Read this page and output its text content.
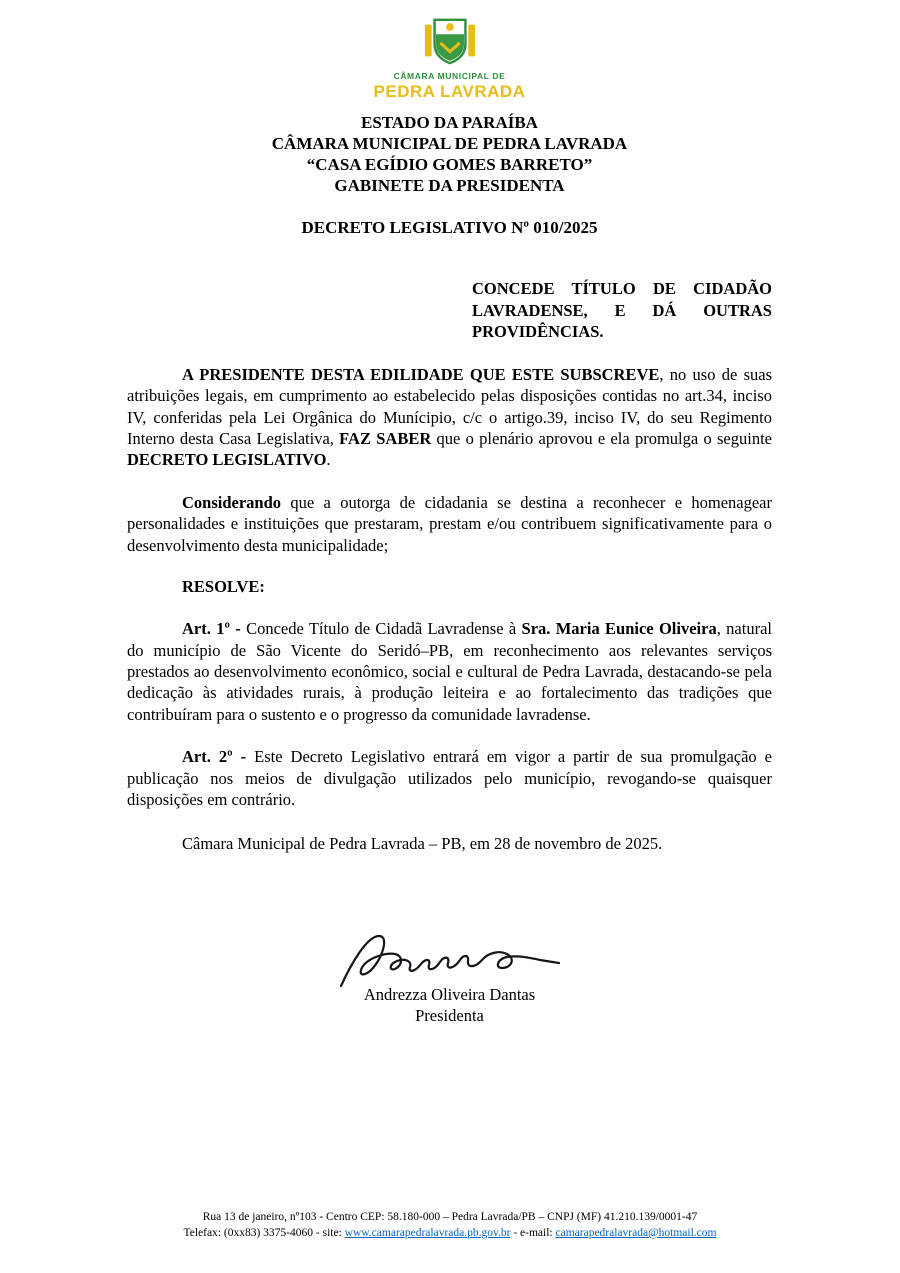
CÂMARA MUNICIPAL DE
PEDRA LAVRADA
ESTADO DA PARAÍBA
CÂMARA MUNICIPAL DE PEDRA LAVRADA
“CASA EGÍDIO GOMES BARRETO”
GABINETE DA PRESIDENTA
DECRETO LEGISLATIVO Nº 010/2025
CONCEDE TÍTULO DE CIDADÃO LAVRADENSE, E DÁ OUTRAS PROVIDÊNCIAS.

A PRESIDENTE DESTA EDILIDADE QUE ESTE SUBSCREVE, no uso de suas atribuições legais, em cumprimento ao estabelecido pelas disposições contidas no art.34, inciso IV, conferidas pela Lei Orgânica do Munícipio, c/c o artigo.39, inciso IV, do seu Regimento Interno desta Casa Legislativa, FAZ SABER que o plenário aprovou e ela promulga o seguinte DECRETO LEGISLATIVO.

Considerando que a outorga de cidadania se destina a reconhecer e homenagear personalidades e instituições que prestaram, prestam e/ou contribuem significativamente para o desenvolvimento desta municipalidade;

RESOLVE:

Art. 1º - Concede Título de Cidadã Lavradense à Sra. Maria Eunice Oliveira, natural do município de São Vicente do Seridó–PB, em reconhecimento aos relevantes serviços prestados ao desenvolvimento econômico, social e cultural de Pedra Lavrada, destacando-se pela dedicação às atividades rurais, à produção leiteira e ao fortalecimento das tradições que contribuíram para o sustento e o progresso da comunidade lavradense.

Art. 2º - Este Decreto Legislativo entrará em vigor a partir de sua promulgação e publicação nos meios de divulgação utilizados pelo município, revogando-se quaisquer disposições em contrário.

Câmara Municipal de Pedra Lavrada – PB, em 28 de novembro de 2025.

Andrezza Oliveira Dantas
Presidenta
Rua 13 de janeiro, nº103 - Centro CEP: 58.180-000 – Pedra Lavrada/PB – CNPJ (MF) 41.210.139/0001-47
Telefax: (0xx83) 3375-4060 - site: www.camarapedralavrada.pb.gov.br - e-mail: camarapedralavrada@hotmail.com
